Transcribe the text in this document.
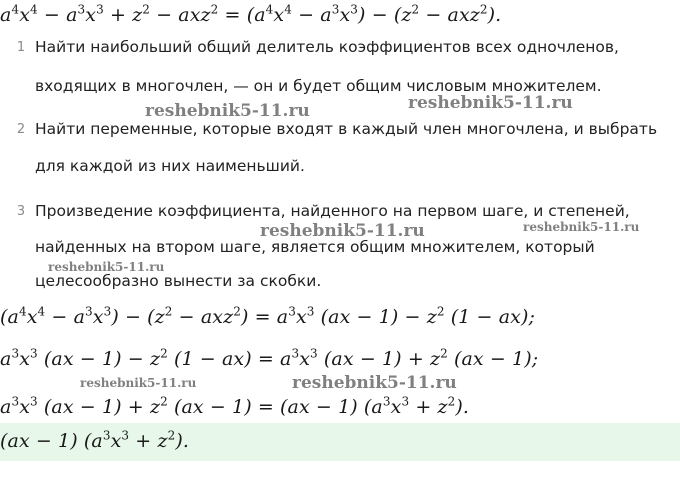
$a^4x^4 - a^3x^3 + z^2 - axz^2 = (a^4x^4 - a^3x^3) - (z^2 - axz^2)$.
1 Найти наибольший общий делитель коэффициентов всех одночленов,
входящих в многочлен, — он и будет общим числовым множителем.
2 Найти переменные, которые входят в каждый член многочлена, и выбрать
для каждой из них наименьший.
3 Произведение коэффициента, найденного на первом шаге, и степеней,
найденных на втором шаге, является общим множителем, который
целесообразно вынести за скобки.
$(a^4x^4 - a^3x^3) - (z^2 - axz^2) = a^3x^3$ $(ax - 1) - z^2$ (1 − ax);
$a^3x^3$ $(ax - 1) - z^2$ $(1 - ax) = a^3x^3$ $(ax - 1) + z^2$ (ax − 1);
$a^3x^3$ $(ax - 1) + z^2$ (ax − 1) = (ax − 1) $(a^3x^3 + z^2)$.
(ax − 1) $(a^3x^3 + z^2)$.
reshebnik5-11.ru	reshebnik5-11.ru
reshebnik5-11.ru	reshebnik5-11.ru
reshebnik5-11.ru
reshebnik5-11.ru	reshebnik5-11.ru
